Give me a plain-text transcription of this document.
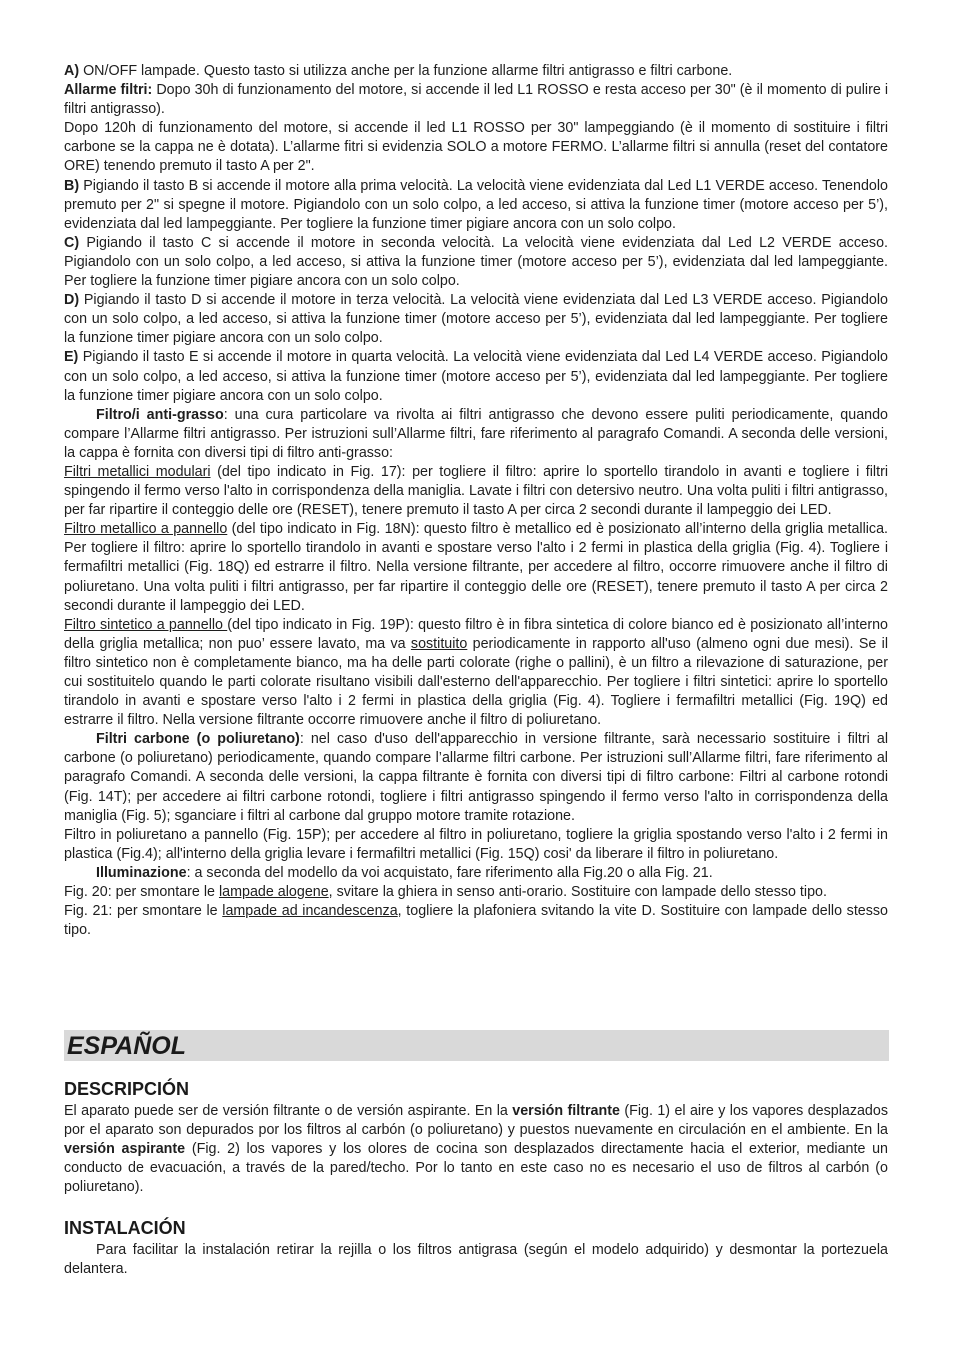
A) ON/OFF lampade. Questo tasto si utilizza anche per la funzione allarme filtri antigrasso e filtri carbone.

Allarme filtri: Dopo 30h di funzionamento del motore, si accende il led L1 ROSSO e resta acceso per 30" (è il momento di pulire i filtri antigrasso).

Dopo 120h di funzionamento del motore, si accende il led L1 ROSSO per 30" lampeggiando (è il momento di sostituire i filtri carbone se la cappa ne è dotata). L’allarme fitri si evidenzia SOLO a motore FERMO. L’allarme filtri si annulla (reset del contatore ORE) tenendo premuto il tasto A per 2".

B) Pigiando il tasto B si accende il motore alla prima velocità. La velocità viene evidenziata dal Led L1 VERDE acceso. Tenendolo premuto per 2" si spegne il motore. Pigiandolo con un solo colpo, a led acceso, si attiva la funzione timer (motore acceso per 5’), evidenziata dal led lampeggiante. Per togliere la funzione timer pigiare ancora con un solo colpo.

C) Pigiando il tasto C si accende il motore in seconda velocità. La velocità viene evidenziata dal Led L2 VERDE acceso. Pigiandolo con un solo colpo, a led acceso, si attiva la funzione timer (motore acceso per 5’), evidenziata dal led lampeggiante. Per togliere la funzione timer pigiare ancora con un solo colpo.

D) Pigiando il tasto D si accende il motore in terza velocità. La velocità viene evidenziata dal Led L3 VERDE acceso. Pigiandolo con un solo colpo, a led acceso, si attiva la funzione timer (motore acceso per 5’), evidenziata dal led lampeggiante. Per togliere la funzione timer pigiare ancora con un solo colpo.

E) Pigiando il tasto E si accende il motore in quarta velocità. La velocità viene evidenziata dal Led L4 VERDE acceso. Pigiandolo con un solo colpo, a led acceso, si attiva la funzione timer (motore acceso per 5’), evidenziata dal led lampeggiante. Per togliere la funzione timer pigiare ancora con un solo colpo.

Filtro/i anti-grasso: una cura particolare va rivolta ai filtri antigrasso che devono essere puliti periodicamente, quando compare l’Allarme filtri antigrasso. Per istruzioni sull’Allarme filtri, fare riferimento al paragrafo Comandi. A seconda delle versioni, la cappa è fornita con diversi tipi di filtro anti-grasso:

Filtri metallici modulari (del tipo indicato in Fig. 17): per togliere il filtro: aprire lo sportello tirandolo in avanti e togliere i filtri spingendo il fermo verso l'alto in corrispondenza della maniglia. Lavate i filtri con detersivo neutro. Una volta puliti i filtri antigrasso, per far ripartire il conteggio delle ore (RESET), tenere premuto il tasto A per circa 2 secondi durante il lampeggio dei LED.

Filtro metallico a pannello (del tipo indicato in Fig. 18N): questo filtro è metallico ed è posizionato all’interno della griglia metallica. Per togliere il filtro: aprire lo sportello tirandolo in avanti e spostare verso l'alto i 2 fermi in plastica della griglia (Fig. 4). Togliere i fermafiltri metallici (Fig. 18Q) ed estrarre il filtro. Nella versione filtrante, per accedere al filtro, occorre rimuovere anche il filtro di poliuretano. Una volta puliti i filtri antigrasso, per far ripartire il conteggio delle ore (RESET), tenere premuto il tasto A per circa 2 secondi durante il lampeggio dei LED.

Filtro sintetico a pannello (del tipo indicato in Fig. 19P): questo filtro è in fibra sintetica di colore bianco ed è posizionato all’interno della griglia metallica; non puo’ essere lavato, ma va sostituito periodicamente in rapporto all'uso (almeno ogni due mesi). Se il filtro sintetico non è completamente bianco, ma ha delle parti colorate (righe o pallini), è un filtro a rilevazione di saturazione, per cui sostituitelo quando le parti colorate risultano visibili dall'esterno dell'apparecchio. Per togliere i filtri sintetici: aprire lo sportello tirandolo in avanti e spostare verso l'alto i 2 fermi in plastica della griglia (Fig. 4). Togliere i fermafiltri metallici (Fig. 19Q) ed estrarre il filtro. Nella versione filtrante occorre rimuovere anche il filtro di poliuretano.

Filtri carbone (o poliuretano): nel caso d'uso dell'apparecchio in versione filtrante, sarà necessario sostituire i filtri al carbone (o poliuretano) periodicamente, quando compare l’allarme filtri carbone. Per istruzioni sull’Allarme filtri, fare riferimento al paragrafo Comandi. A seconda delle versioni, la cappa filtrante è fornita con diversi tipi di filtro carbone: Filtri al carbone rotondi (Fig. 14T); per accedere ai filtri carbone rotondi, togliere i filtri antigrasso spingendo il fermo verso l'alto in corrispondenza della maniglia (Fig. 5); sganciare i filtri al carbone dal gruppo motore tramite rotazione.

Filtro in poliuretano a pannello (Fig. 15P); per accedere al filtro in poliuretano, togliere la griglia spostando verso l'alto i 2 fermi in plastica (Fig.4); all'interno della griglia levare i fermafiltri metallici (Fig. 15Q) cosi' da liberare il filtro in poliuretano.

Illuminazione: a seconda del modello da voi acquistato, fare riferimento alla Fig.20 o alla Fig. 21.

Fig. 20: per smontare le lampade alogene, svitare la ghiera in senso anti-orario. Sostituire con lampade dello stesso tipo.

Fig. 21: per smontare le lampade ad incandescenza, togliere la plafoniera svitando la vite D. Sostituire con lampade dello stesso tipo.

ESPAÑOL
DESCRIPCIÓN

El aparato puede ser de versión filtrante o de versión aspirante. En la versión filtrante (Fig. 1) el aire y los vapores desplazados por el aparato son depurados por los filtros al carbón (o poliuretano) y puestos nuevamente en circulación en el ambiente. En la versión aspirante (Fig. 2) los vapores y los olores de cocina son desplazados directamente hacia el exterior, mediante un conducto de evacuación, a través de la pared/techo. Por lo tanto en este caso no es necesario el uso de filtros al carbón (o poliuretano).

INSTALACIÓN

Para facilitar la instalación retirar la rejilla o los filtros antigrasa (según el modelo adquirido) y desmontar la portezuela delantera.
